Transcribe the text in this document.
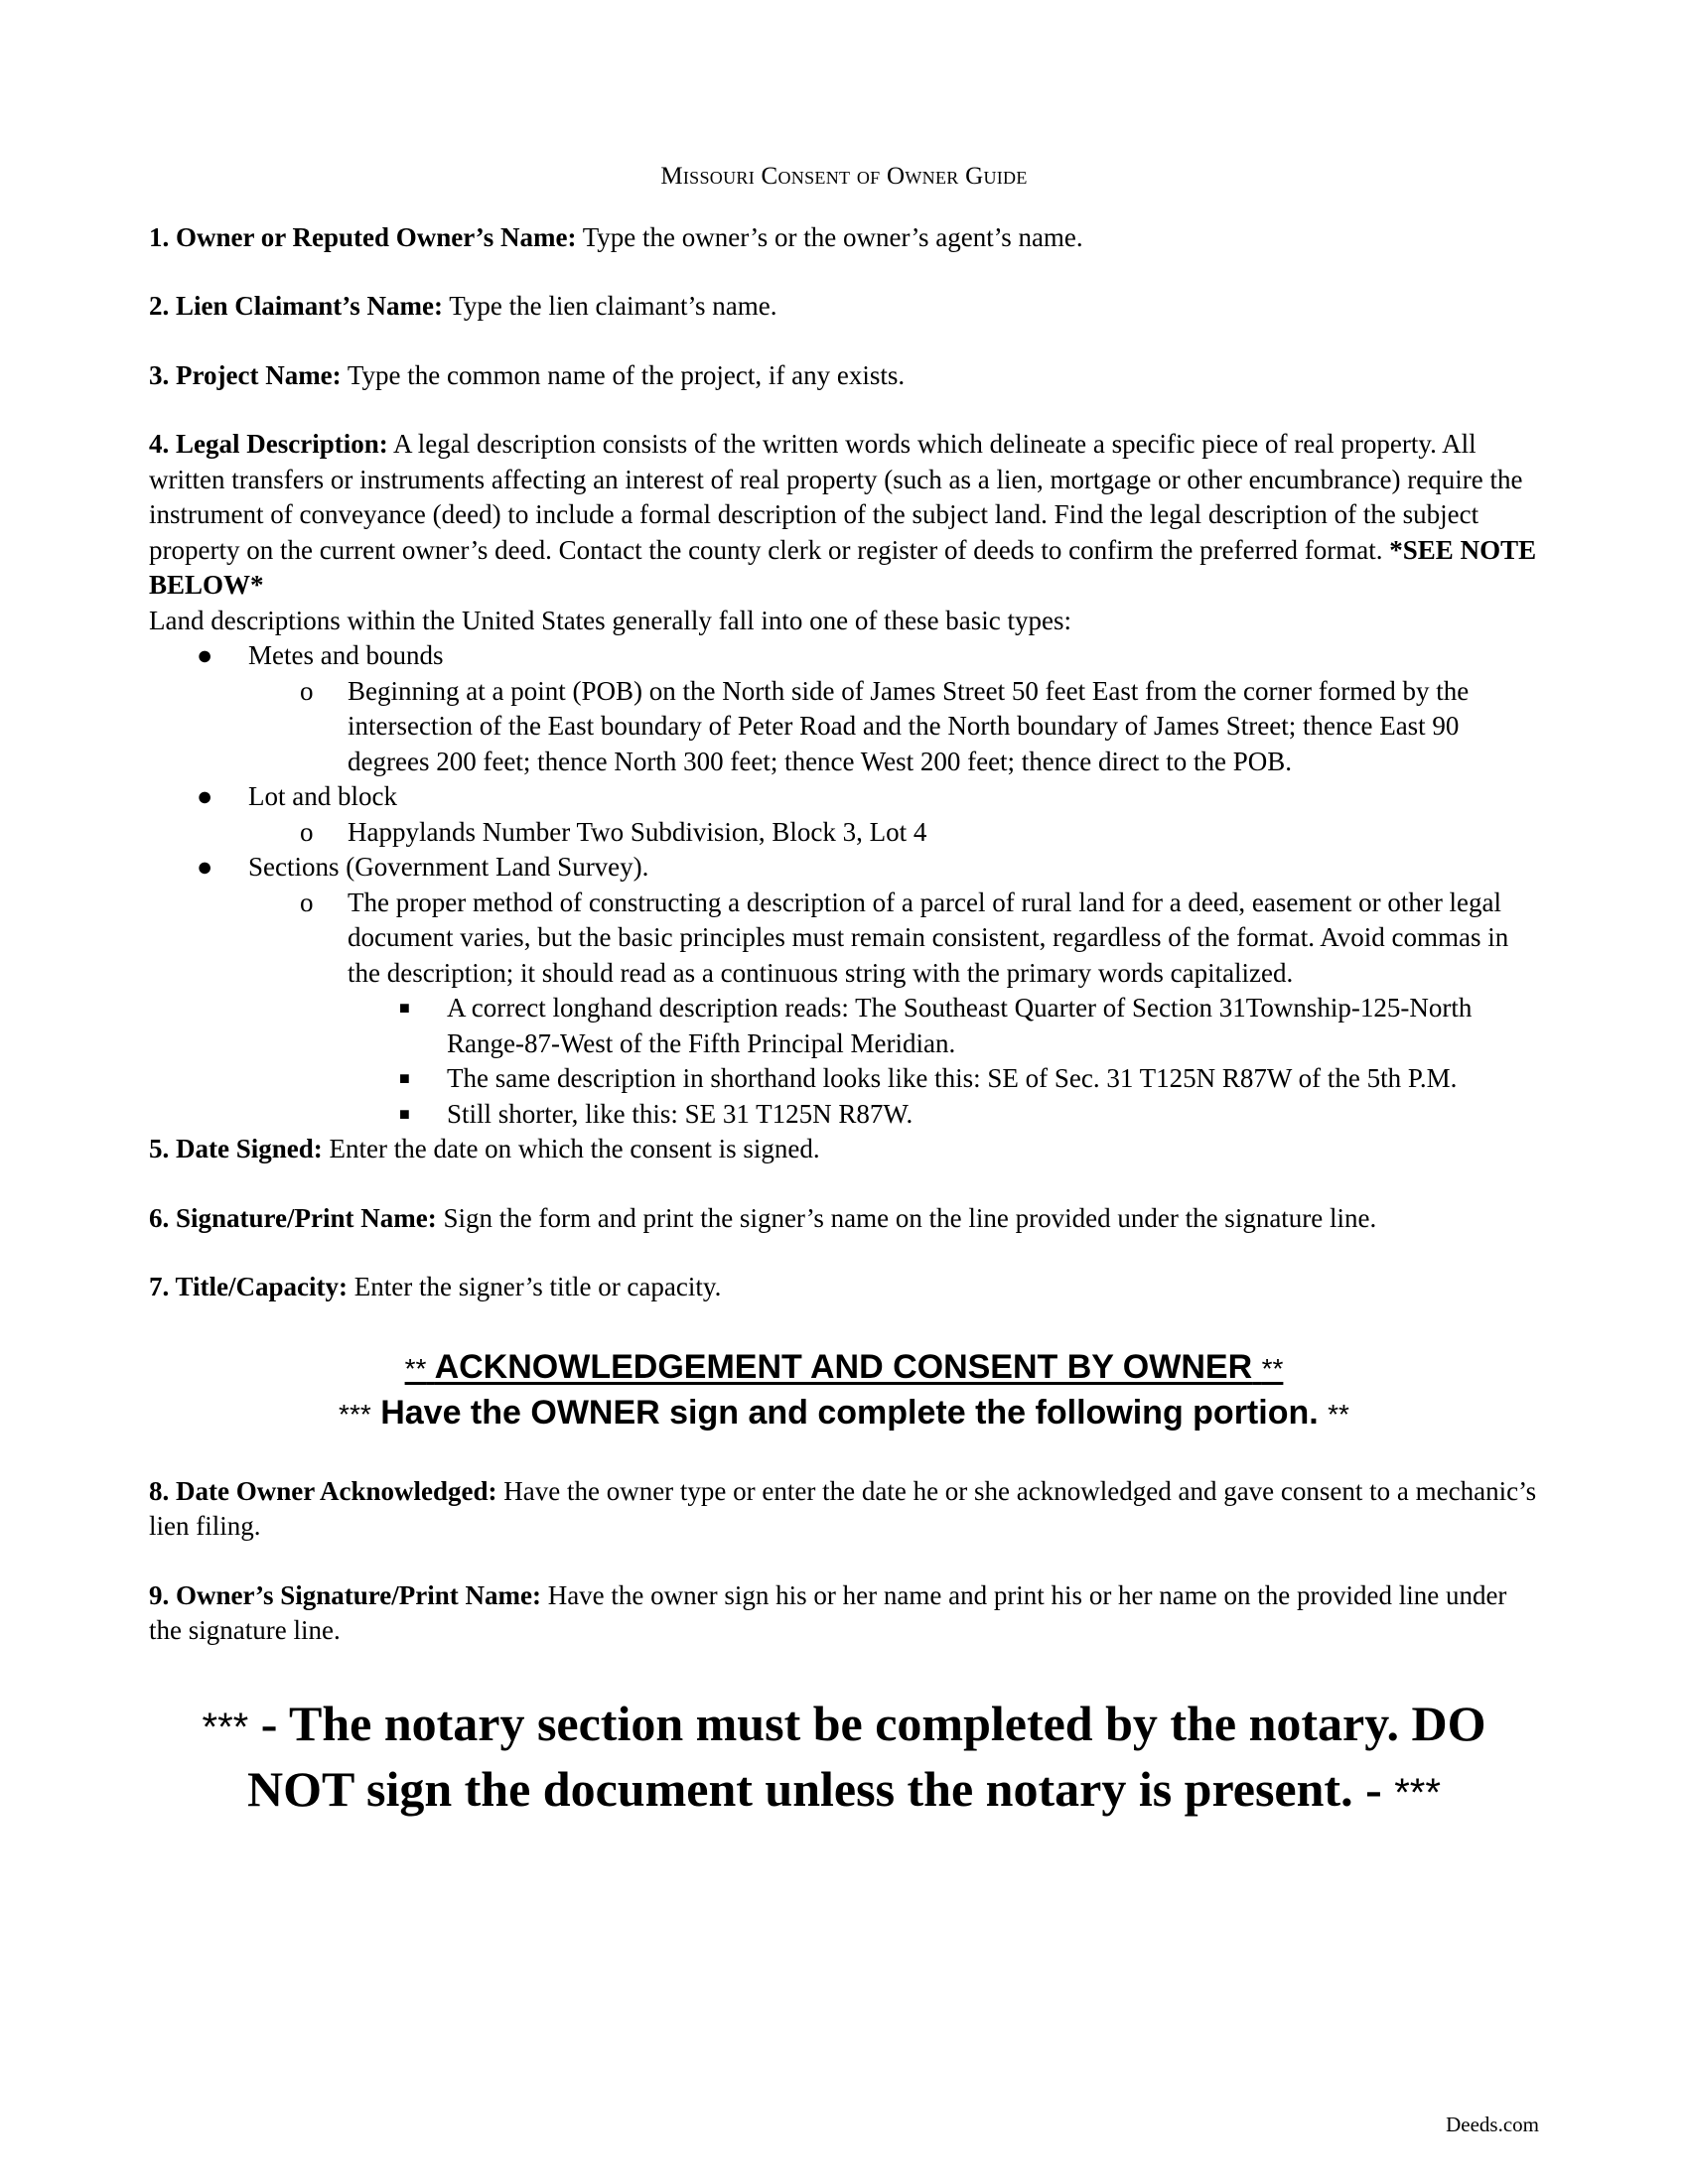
Missouri Consent of Owner Guide

1. Owner or Reputed Owner’s Name: Type the owner’s or the owner’s agent’s name.

2. Lien Claimant’s Name: Type the lien claimant’s name.

3. Project Name: Type the common name of the project, if any exists.

4. Legal Description: A legal description consists of the written words which delineate a specific piece of real property. All written transfers or instruments affecting an interest of real property (such as a lien, mortgage or other encumbrance) require the instrument of conveyance (deed) to include a formal description of the subject land. Find the legal description of the subject property on the current owner’s deed. Contact the county clerk or register of deeds to confirm the preferred format. *SEE NOTE BELOW*
Land descriptions within the United States generally fall into one of these basic types:
● Metes and bounds
o Beginning at a point (POB) on the North side of James Street 50 feet East from the corner formed by the intersection of the East boundary of Peter Road and the North boundary of James Street; thence East 90 degrees 200 feet; thence North 300 feet; thence West 200 feet; thence direct to the POB.
● Lot and block
o Happylands Number Two Subdivision, Block 3, Lot 4
● Sections (Government Land Survey).
o The proper method of constructing a description of a parcel of rural land for a deed, easement or other legal document varies, but the basic principles must remain consistent, regardless of the format. Avoid commas in the description; it should read as a continuous string with the primary words capitalized.
■ A correct longhand description reads: The Southeast Quarter of Section 31Township-125-North Range-87-West of the Fifth Principal Meridian.
■ The same description in shorthand looks like this: SE of Sec. 31 T125N R87W of the 5th P.M.
■ Still shorter, like this: SE 31 T125N R87W.

5. Date Signed: Enter the date on which the consent is signed.

6. Signature/Print Name: Sign the form and print the signer’s name on the line provided under the signature line.

7. Title/Capacity: Enter the signer’s title or capacity.

** ACKNOWLEDGEMENT AND CONSENT BY OWNER **
*** Have the OWNER sign and complete the following portion. **

8. Date Owner Acknowledged: Have the owner type or enter the date he or she acknowledged and gave consent to a mechanic’s lien filing.

9. Owner’s Signature/Print Name: Have the owner sign his or her name and print his or her name on the provided line under the signature line.

*** - The notary section must be completed by the notary. DO NOT sign the document unless the notary is present. - ***
Deeds.com
